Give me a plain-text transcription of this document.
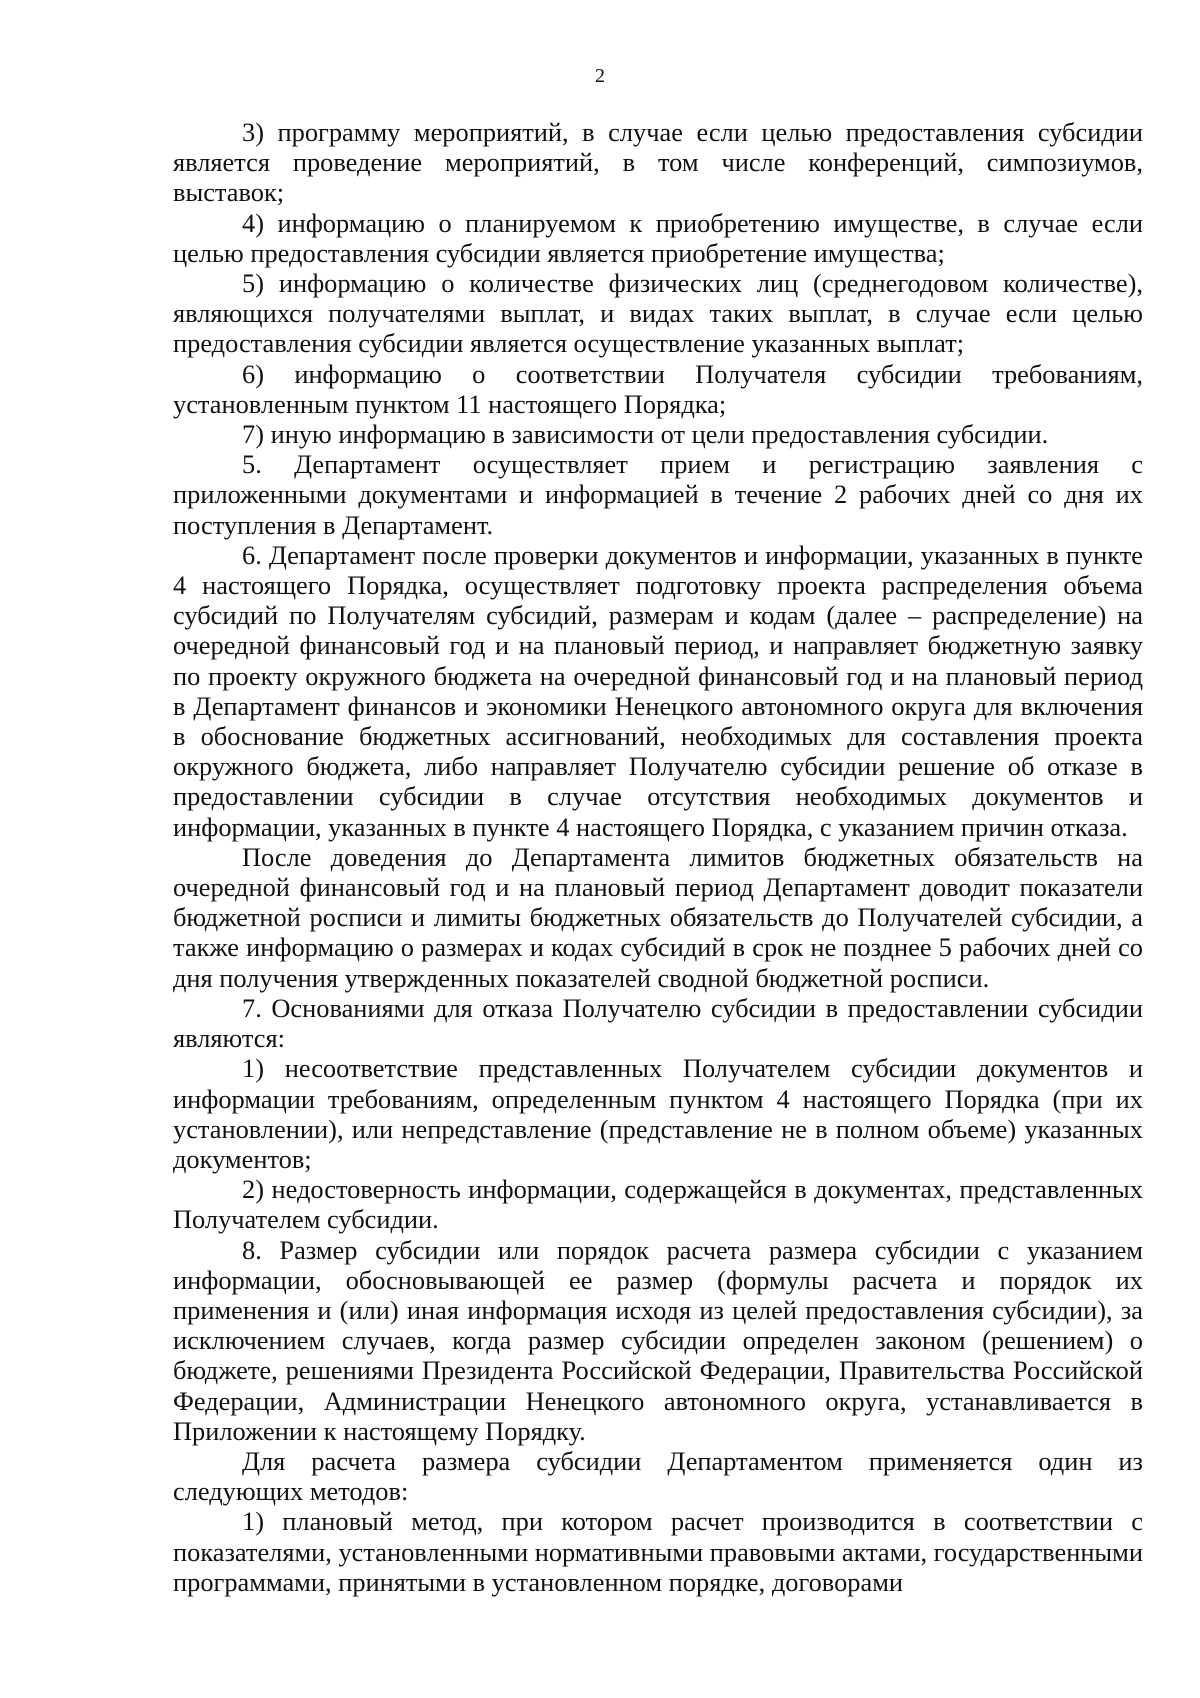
2

3) программу мероприятий, в случае если целью предоставления субсидии является проведение мероприятий, в том числе конференций, симпозиумов, выставок;

4) информацию о планируемом к приобретению имуществе, в случае если целью предоставления субсидии является приобретение имущества;

5) информацию о количестве физических лиц (среднегодовом количестве), являющихся получателями выплат, и видах таких выплат, в случае если целью предоставления субсидии является осуществление указанных выплат;

6) информацию о соответствии Получателя субсидии требованиям, установленным пунктом 11 настоящего Порядка;

7) иную информацию в зависимости от цели предоставления субсидии.

5. Департамент осуществляет прием и регистрацию заявления с приложенными документами и информацией в течение 2 рабочих дней со дня их поступления в Департамент.

6. Департамент после проверки документов и информации, указанных в пункте 4 настоящего Порядка, осуществляет подготовку проекта распределения объема субсидий по Получателям субсидий, размерам и кодам (далее – распределение) на очередной финансовый год и на плановый период, и направляет бюджетную заявку по проекту окружного бюджета на очередной финансовый год и на плановый период в Департамент финансов и экономики Ненецкого автономного округа для включения в обоснование бюджетных ассигнований, необходимых для составления проекта окружного бюджета, либо направляет Получателю субсидии решение об отказе в предоставлении субсидии в случае отсутствия необходимых документов и информации, указанных в пункте 4 настоящего Порядка, с указанием причин отказа.

После доведения до Департамента лимитов бюджетных обязательств на очередной финансовый год и на плановый период Департамент доводит показатели бюджетной росписи и лимиты бюджетных обязательств до Получателей субсидии, а также информацию о размерах и кодах субсидий в срок не позднее 5 рабочих дней со дня получения утвержденных показателей сводной бюджетной росписи.

7. Основаниями для отказа Получателю субсидии в предоставлении субсидии являются:

1) несоответствие представленных Получателем субсидии документов и информации требованиям, определенным пунктом 4 настоящего Порядка (при их установлении), или непредставление (представление не в полном объеме) указанных документов;

2) недостоверность информации, содержащейся в документах, представленных Получателем субсидии.

8. Размер субсидии или порядок расчета размера субсидии с указанием информации, обосновывающей ее размер (формулы расчета и порядок их применения и (или) иная информация исходя из целей предоставления субсидии), за исключением случаев, когда размер субсидии определен законом (решением) о бюджете, решениями Президента Российской Федерации, Правительства Российской Федерации, Администрации Ненецкого автономного округа, устанавливается в Приложении к настоящему Порядку.

Для расчета размера субсидии Департаментом применяется один из следующих методов:

1) плановый метод, при котором расчет производится в соответствии с показателями, установленными нормативными правовыми актами, государственными программами, принятыми в установленном порядке, договорами
